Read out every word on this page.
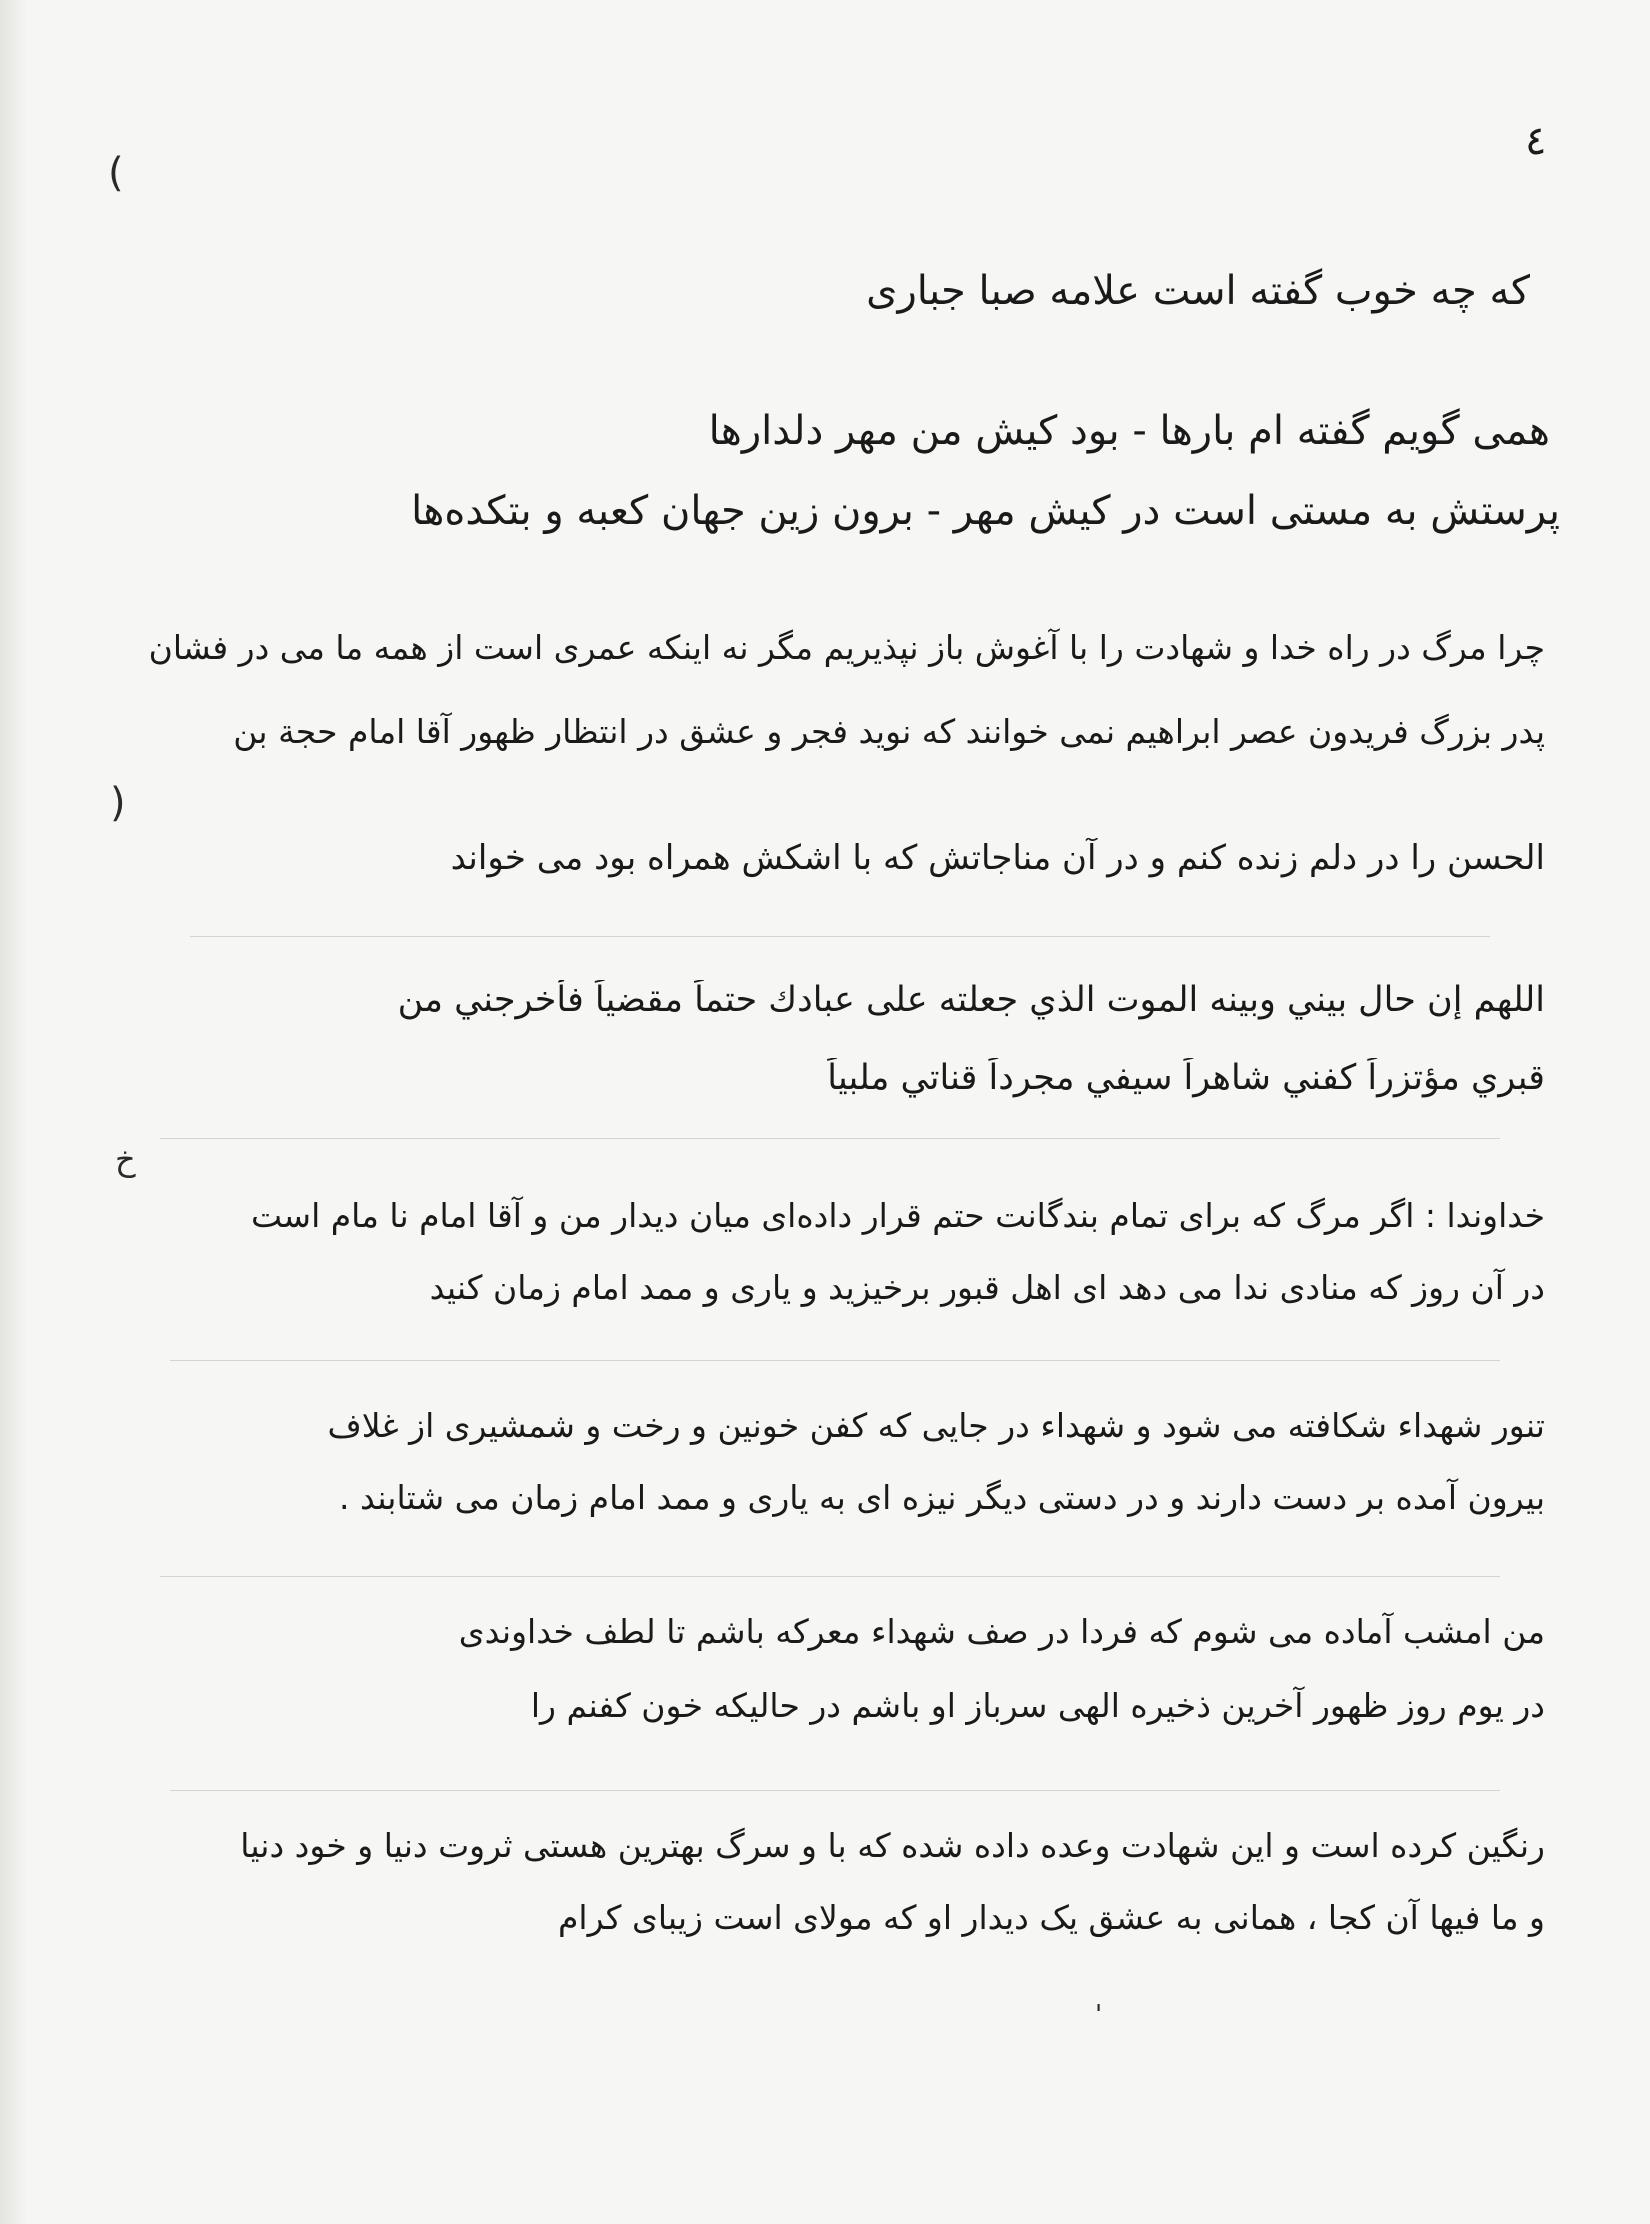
(
)
خ
٤
که چه خوب گفته است علامه صبا جباری
همی گویم گفته ام بارها - بود کیش من مهر دلدارها
پرستش به مستی است در کیش مهر - برون زین جهان کعبه و بتکده‌ها
چرا مرگ در راه خدا و شهادت را با آغوش باز نپذیریم مگر نه اینکه عمری است از همه ما می در فشان
پدر بزرگ فریدون عصر ابراهیم نمی خوانند که نوید فجر و عشق در انتظار ظهور آقا امام حجة بن
الحسن را در دلم زنده کنم و در آن مناجاتش که با اشکش همراه بود می خواند
اللهم إن حال بيني وبينه الموت الذي جعلته على عبادك حتماً مقضياً فأخرجني من
قبري مؤتزراً كفني شاهراً سيفي مجرداً قناتي ملبياً
خداوندا : اگر مرگ که برای تمام بندگانت حتم قرار داده‌ای میان دیدار من و آقا امام نا مام است
در آن روز که منادی ندا می دهد ای اهل قبور برخیزید و یاری و ممد امام زمان کنید
تنور شهداء شکافته می شود و شهداء در جایی که کفن خونین و رخت و شمشیری از غلاف
بیرون آمده بر دست دارند و در دستی دیگر نیزه ای به یاری و ممد امام زمان می شتابند .
من امشب آماده می شوم که فردا در صف شهداء معرکه باشم تا لطف خداوندی
در یوم روز ظهور آخرین ذخیره الهی سرباز او باشم در حالیکه خون کفنم را
رنگین کرده است و این شهادت وعده داده شده که با و سرگ بهترین هستی ثروت دنیا و خود دنیا
و ما فیها آن کجا ، همانی به عشق یک دیدار او که مولای است زیبای کرام
'
